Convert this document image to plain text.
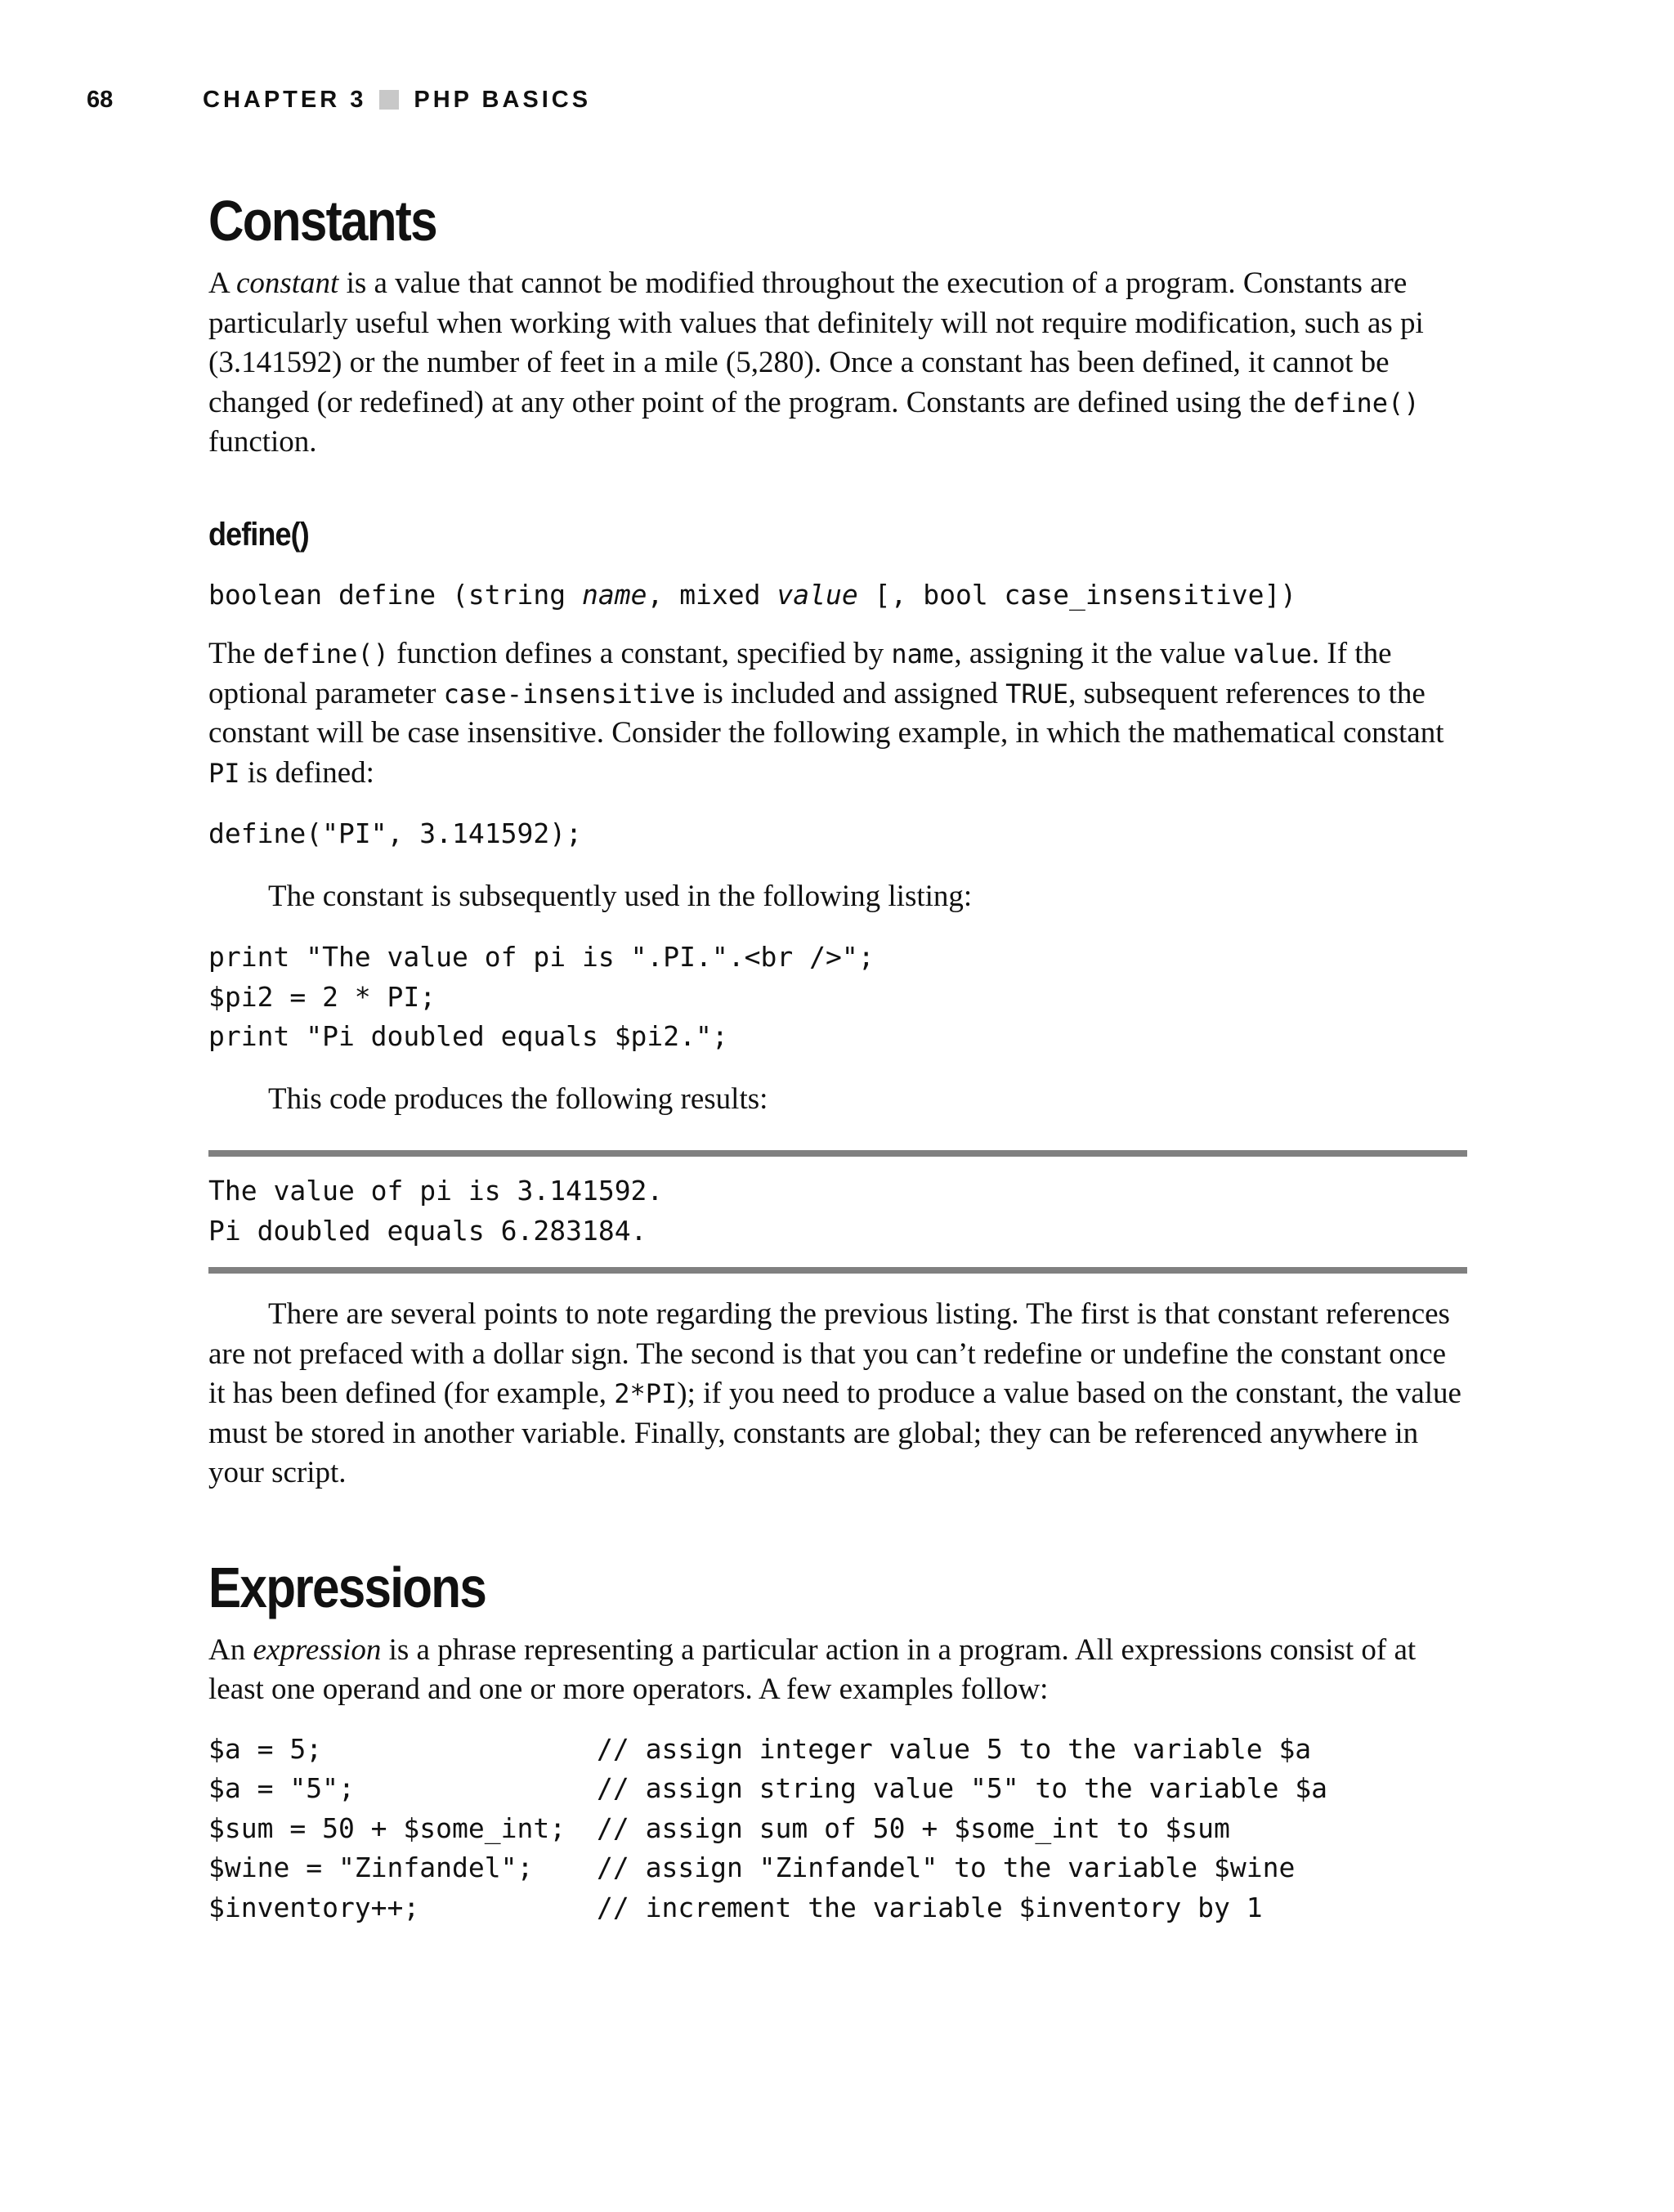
68	CHAPTER 3 PHP BASICS
Constants

A constant is a value that cannot be modified throughout the execution of a program. Constants are particularly useful when working with values that definitely will not require modification, such as pi (3.141592) or the number of feet in a mile (5,280). Once a constant has been defined, it cannot be changed (or redefined) at any other point of the program. Constants are defined using the define() function.

define()
boolean define (string name, mixed value [, bool case_insensitive])

The define() function defines a constant, specified by name, assigning it the value value. If the optional parameter case-insensitive is included and assigned TRUE, subsequent references to the constant will be case insensitive. Consider the following example, in which the mathematical constant PI is defined:

define("PI", 3.141592);

The constant is subsequently used in the following listing:

print "The value of pi is ".PI.".<br />";
$pi2 = 2 * PI;
print "Pi doubled equals $pi2.";

This code produces the following results:

The value of pi is 3.141592.
Pi doubled equals 6.283184.

There are several points to note regarding the previous listing. The first is that constant references are not prefaced with a dollar sign. The second is that you can’t redefine or undefine the constant once it has been defined (for example, 2*PI); if you need to produce a value based on the constant, the value must be stored in another variable. Finally, constants are global; they can be referenced anywhere in your script.

Expressions

An expression is a phrase representing a particular action in a program. All expressions consist of at least one operand and one or more operators. A few examples follow:

$a = 5;	// assign integer value 5 to the variable $a
$a = "5";	// assign string value "5" to the variable $a
$sum = 50 + $some_int;	// assign sum of 50 + $some_int to $sum
$wine = "Zinfandel";	// assign "Zinfandel" to the variable $wine
$inventory++;	// increment the variable $inventory by 1
